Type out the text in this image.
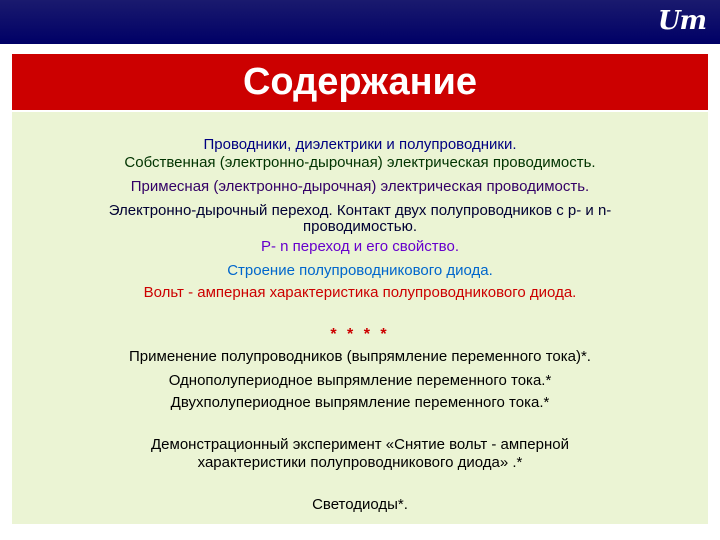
Um
Содержание
Проводники, диэлектрики и полупроводники.
Собственная (электронно-дырочная) электрическая проводимость.
Примесная (электронно-дырочная) электрическая проводимость.
Электронно-дырочный переход. Контакт двух полупроводников с р- и n-
проводимостью.
Р- n переход и его свойство.
Строение полупроводникового диода.
Вольт - амперная характеристика полупроводникового диода.
* * * *
Применение полупроводников (выпрямление переменного тока)*.
Однополупериодное выпрямление переменного тока.*
Двухполупериодное выпрямление переменного тока.*
Демонстрационный эксперимент «Снятие вольт - амперной
характеристики полупроводникового диода» .*
Светодиоды*.
